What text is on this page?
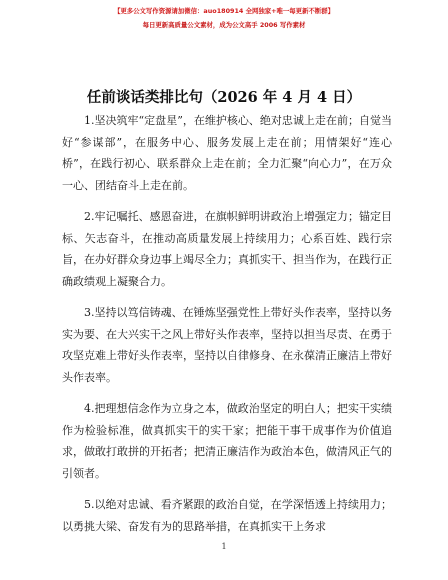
【更多公文写作资源请加微信：auo180914 全网独家+唯一每更新不断群】
每日更新高质量公文素材，成为公文高手 2006 写作素材
任前谈话类排比句（2026 年 4 月 4 日）

1.坚决筑牢“定盘星”，在维护核心、绝对忠诚上走在前；自觉当好“参谋部”，在服务中心、服务发展上走在前；用情架好“连心桥”，在践行初心、联系群众上走在前；全力汇聚“向心力”，在万众一心、团结奋斗上走在前。

2.牢记嘱托、感恩奋进，在旗帜鲜明讲政治上增强定力；锚定目标、矢志奋斗，在推动高质量发展上持续用力；心系百姓、践行宗旨，在办好群众身边事上竭尽全力；真抓实干、担当作为，在践行正确政绩观上凝聚合力。

3.坚持以笃信铸魂、在锤炼坚强党性上带好头作表率，坚持以务实为要、在大兴实干之风上带好头作表率，坚持以担当尽责、在勇于攻坚克难上带好头作表率，坚持以自律修身、在永葆清正廉洁上带好头作表率。

4.把理想信念作为立身之本，做政治坚定的明白人；把实干实绩作为检验标准，做真抓实干的实干家；把能干事干成事作为价值追求，做敢打敢拼的开拓者；把清正廉洁作为政治本色，做清风正气的引领者。

5.以绝对忠诚、看齐紧跟的政治自觉，在学深悟透上持续用力；以勇挑大梁、奋发有为的思路举措，在真抓实干上务求

1
